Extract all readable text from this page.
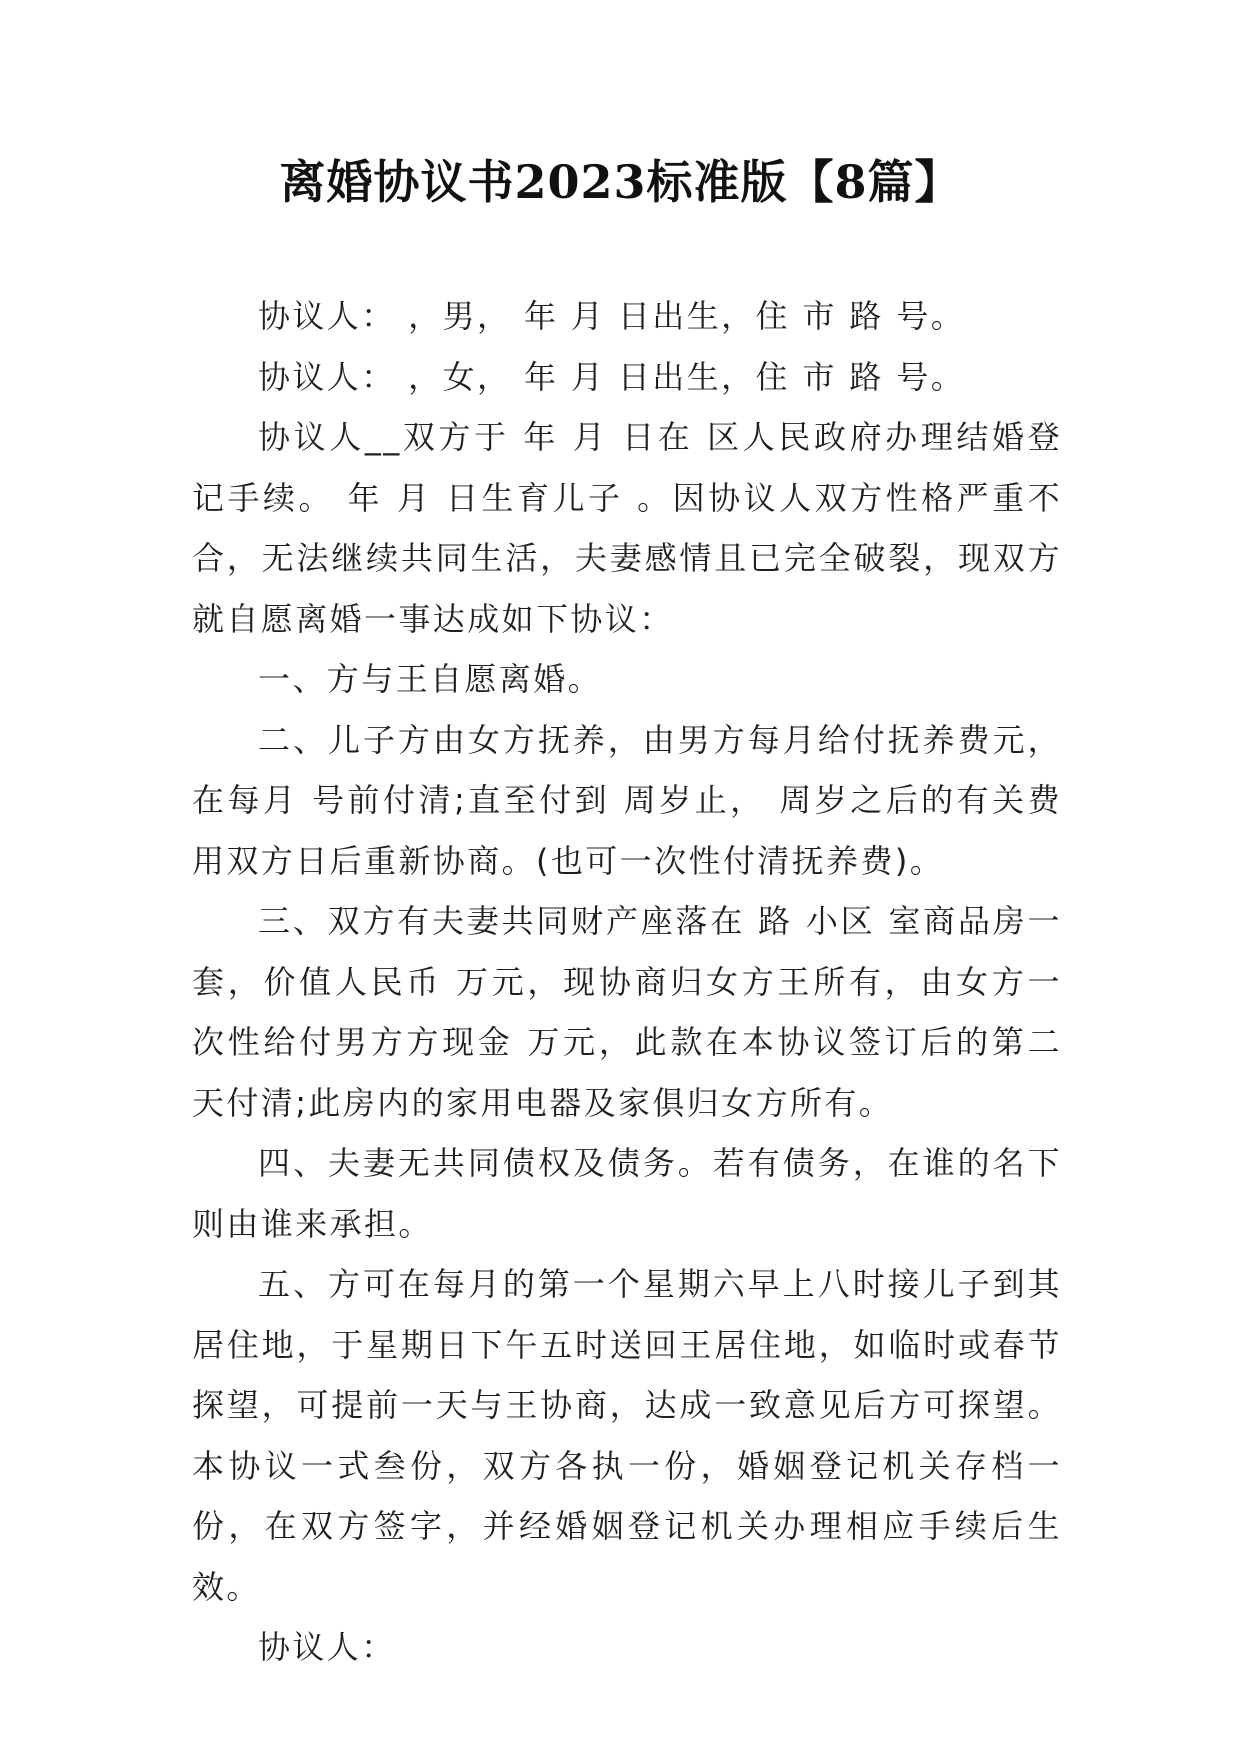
离婚协议书2023标准版【8篇】

协议人： ，男， 年 月 日出生，住 市 路 号。

协议人： ，女， 年 月 日出生，住 市 路 号。

协议人__双方于 年 月 日在 区人民政府办理结婚登记手续。 年 月 日生育儿子 。因协议人双方性格严重不合，无法继续共同生活，夫妻感情且已完全破裂，现双方就自愿离婚一事达成如下协议：

一、方与王自愿离婚。

二、儿子方由女方抚养，由男方每月给付抚养费元，在每月 号前付清;直至付到 周岁止， 周岁之后的有关费用双方日后重新协商。(也可一次性付清抚养费)。

三、双方有夫妻共同财产座落在 路 小区 室商品房一套，价值人民币 万元，现协商归女方王所有，由女方一次性给付男方方现金 万元，此款在本协议签订后的第二天付清;此房内的家用电器及家俱归女方所有。

四、夫妻无共同债权及债务。若有债务，在谁的名下则由谁来承担。

五、方可在每月的第一个星期六早上八时接儿子到其居住地，于星期日下午五时送回王居住地，如临时或春节探望，可提前一天与王协商，达成一致意见后方可探望。本协议一式叁份，双方各执一份，婚姻登记机关存档一份，在双方签字，并经婚姻登记机关办理相应手续后生效。

协议人：
